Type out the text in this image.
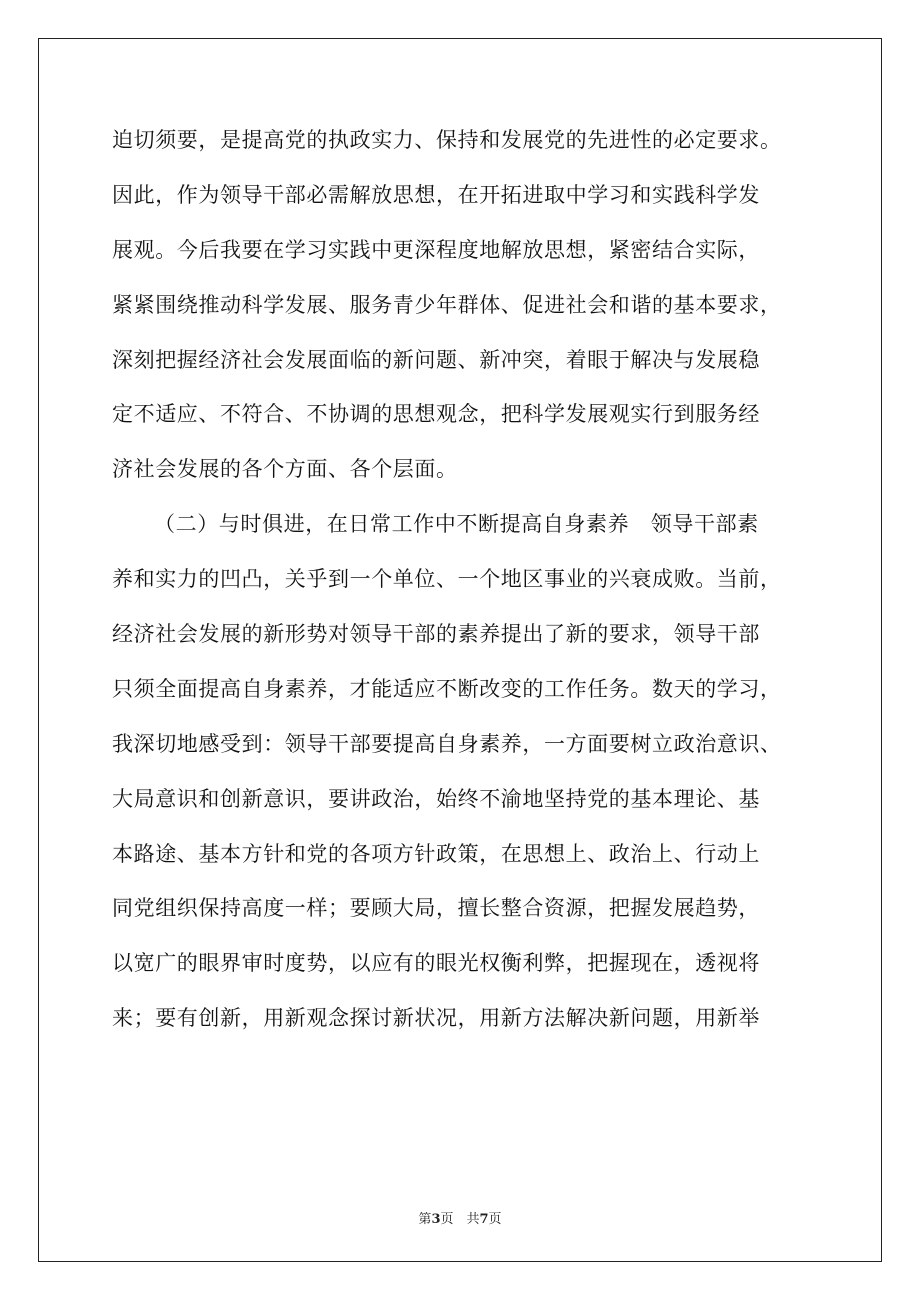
迫切须要，是提高党的执政实力、保持和发展党的先进性的必定要求。
因此，作为领导干部必需解放思想，在开拓进取中学习和实践科学发
展观。今后我要在学习实践中更深程度地解放思想，紧密结合实际，
紧紧围绕推动科学发展、服务青少年群体、促进社会和谐的基本要求，
深刻把握经济社会发展面临的新问题、新冲突，着眼于解决与发展稳
定不适应、不符合、不协调的思想观念，把科学发展观实行到服务经
济社会发展的各个方面、各个层面。
（二）与时俱进，在日常工作中不断提高自身素养　领导干部素
养和实力的凹凸，关乎到一个单位、一个地区事业的兴衰成败。当前，
经济社会发展的新形势对领导干部的素养提出了新的要求，领导干部
只须全面提高自身素养，才能适应不断改变的工作任务。数天的学习，
我深切地感受到：领导干部要提高自身素养，一方面要树立政治意识、
大局意识和创新意识，要讲政治，始终不渝地坚持党的基本理论、基
本路途、基本方针和党的各项方针政策，在思想上、政治上、行动上
同党组织保持高度一样；要顾大局，擅长整合资源，把握发展趋势，
以宽广的眼界审时度势，以应有的眼光权衡利弊，把握现在，透视将
来；要有创新，用新观念探讨新状况，用新方法解决新问题，用新举
第3页　共7页
